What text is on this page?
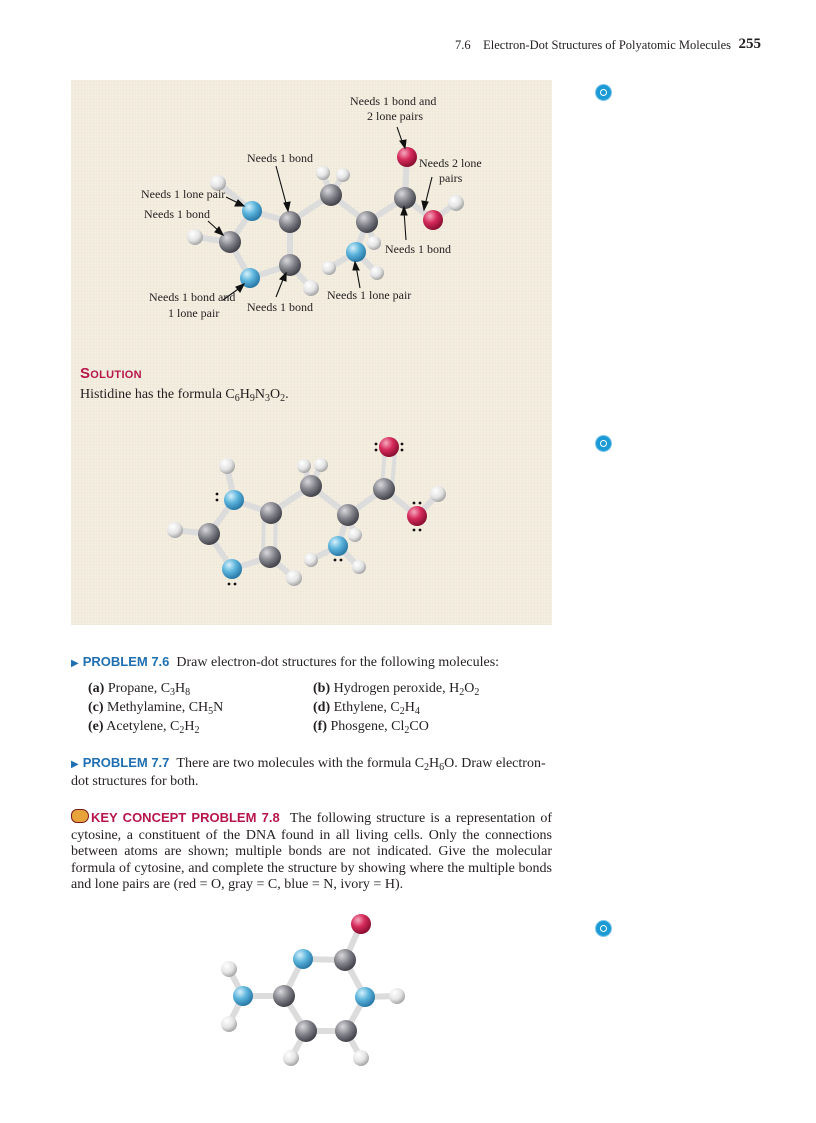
7.6  Electron-Dot Structures of Polyatomic Molecules 255
Needs 1 bond and
2 lone pairs
Needs 1 bond	Needs 2 lone
pairs
Needs 1 lone pair
Needs 1 bond
Needs 1 bond
Needs 1 bond and
1 lone pair Needs 1 bond
Needs 1 lone pair
Solution
Histidine has the formula $C_6H_9N_3O_2$.
▶ PROBLEM 7.6 Draw electron-dot structures for the following molecules:
(a) Propane, $C_3H_8$	(b) Hydrogen peroxide, $H_2O_2$
(c) Methylamine, $CH_5N$	(d) Ethylene, $C_2H_4$
(e) Acetylene, $C_2H_2$	(f) Phosgene, $Cl_2CO$
▶ PROBLEM 7.7 There are two molecules with the formula $C_2H_6O$. Draw electron-dot structures for both.
KEY CONCEPT PROBLEM 7.8 The following structure is a representation of cytosine, a constituent of the DNA found in all living cells. Only the connections between atoms are shown; multiple bonds are not indicated. Give the molecular formula of cytosine, and complete the structure by showing where the multiple bonds and lone pairs are (red = O, gray = C, blue = N, ivory = H).
